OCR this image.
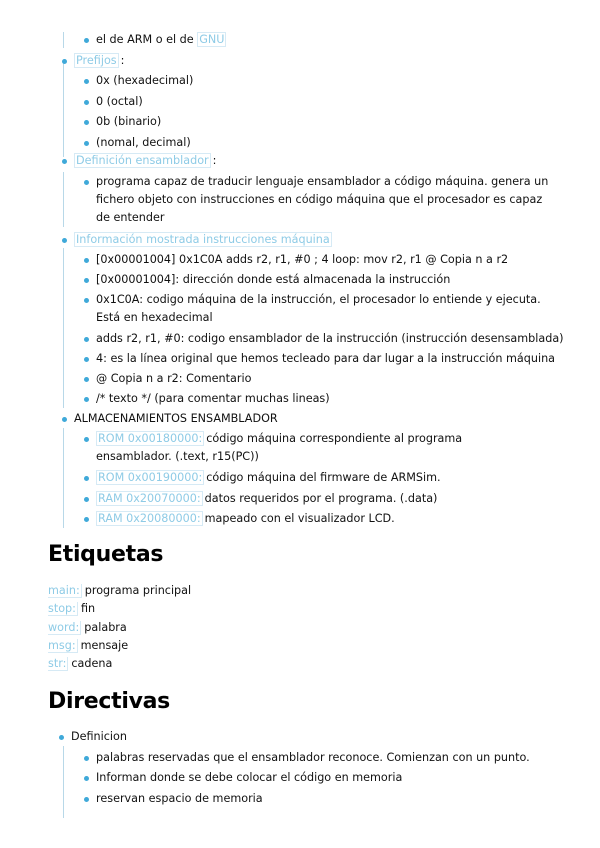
el de ARM o el de GNU
Prefijos :
0x (hexadecimal)
0 (octal)
0b (binario)
(nomal, decimal)
Definición ensamblador :
programa capaz de traducir lenguaje ensamblador a código máquina. genera un fichero objeto con instrucciones en código máquina que el procesador es capaz de entender
Información mostrada instrucciones máquina
[0x00001004] 0x1C0A adds r2, r1, #0 ; 4 loop: mov r2, r1 @ Copia n a r2
[0x00001004]: dirección donde está almacenada la instrucción
0x1C0A: codigo máquina de la instrucción, el procesador lo entiende y ejecuta. Está en hexadecimal
adds r2, r1, #0: codigo ensamblador de la instrucción (instrucción desensamblada)
4: es la línea original que hemos tecleado para dar lugar a la instrucción máquina
@ Copia n a r2: Comentario
/* texto */ (para comentar muchas lineas)
ALMACENAMIENTOS ENSAMBLADOR
ROM 0x00180000: código máquina correspondiente al programa ensamblador. (.text, r15(PC))
ROM 0x00190000: código máquina del firmware de ARMSim.
RAM 0x20070000: datos requeridos por el programa. (.data)
RAM 0x20080000: mapeado con el visualizador LCD.
Etiquetas
main: programa principal
stop: fin
word: palabra
msg: mensaje
str: cadena
Directivas
Definicion
palabras reservadas que el ensamblador reconoce. Comienzan con un punto.
Informan donde se debe colocar el código en memoria
reservan espacio de memoria
